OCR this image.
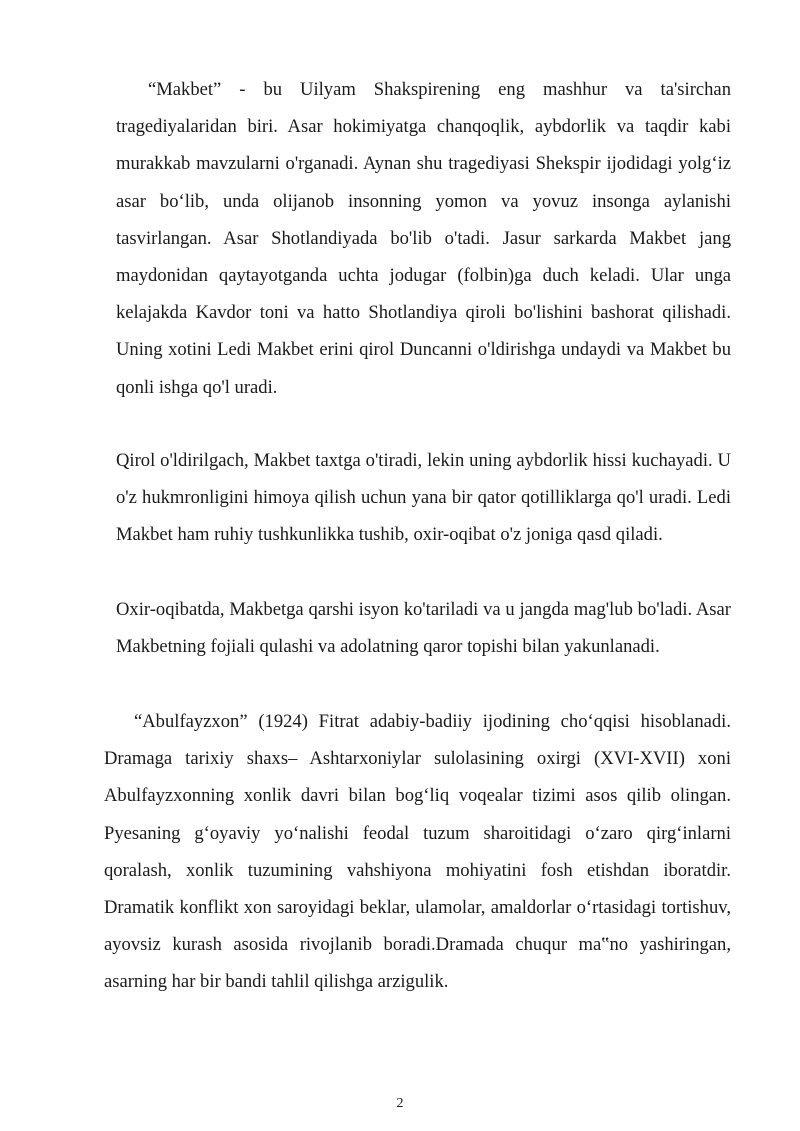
“Makbet” - bu Uilyam Shakspirening eng mashhur va ta'sirchan tragediyalaridan biri. Asar hokimiyatga chanqoqlik, aybdorlik va taqdir kabi murakkab mavzularni o'rganadi. Aynan shu tragediyasi Shekspir ijodidagi yolg‘iz asar bo‘lib, unda olijanob insonning yomon va yovuz insonga aylanishi tasvirlangan. Asar Shotlandiyada bo'lib o'tadi. Jasur sarkarda Makbet jang maydonidan qaytayotganda uchta jodugar (folbin)ga duch keladi. Ular unga kelajakda Kavdor toni va hatto Shotlandiya qiroli bo'lishini bashorat qilishadi. Uning xotini Ledi Makbet erini qirol Duncanni o'ldirishga undaydi va Makbet bu qonli ishga qo'l uradi.

Qirol o'ldirilgach, Makbet taxtga o'tiradi, lekin uning aybdorlik hissi kuchayadi. U o'z hukmronligini himoya qilish uchun yana bir qator qotilliklarga qo'l uradi. Ledi Makbet ham ruhiy tushkunlikka tushib, oxir-oqibat o'z joniga qasd qiladi.

Oxir-oqibatda, Makbetga qarshi isyon ko'tariladi va u jangda mag'lub bo'ladi. Asar Makbetning fojiali qulashi va adolatning qaror topishi bilan yakunlanadi.

“Abulfayzxon” (1924) Fitrat adabiy-badiiy ijodining cho‘qqisi hisoblanadi. Dramaga tarixiy shaxs– Ashtarxoniylar sulolasining oxirgi (XVI-XVII) xoni Abulfayzxonning xonlik davri bilan bog‘liq voqealar tizimi asos qilib olingan. Pyesaning g‘oyaviy yo‘nalishi feodal tuzum sharoitidagi o‘zaro qirg‘inlarni qoralash, xonlik tuzumining vahshiyona mohiyatini fosh etishdan iboratdir. Dramatik konflikt xon saroyidagi beklar, ulamolar, amaldorlar o‘rtasidagi tortishuv, ayovsiz kurash asosida rivojlanib boradi.Dramada chuqur ma‟no yashiringan, asarning har bir bandi tahlil qilishga arzigulik.

2
